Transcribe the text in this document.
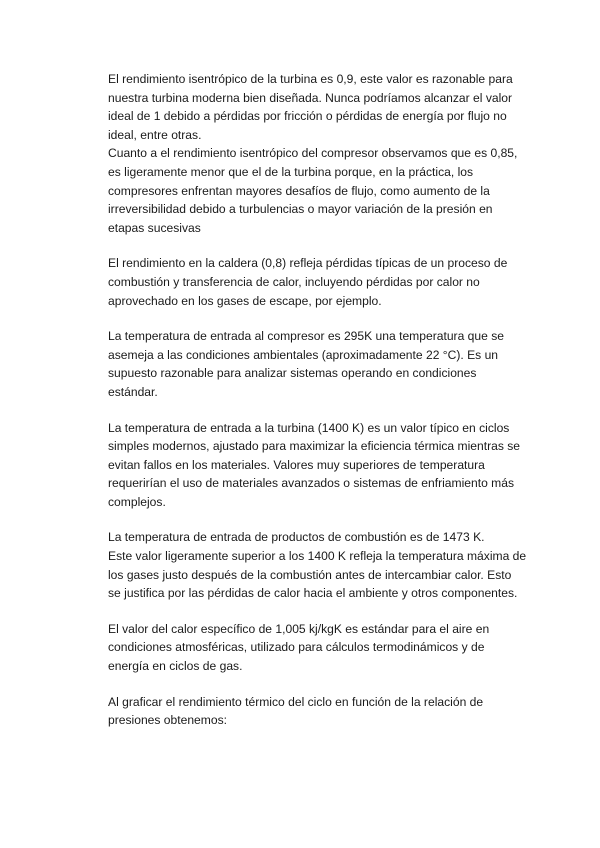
El rendimiento isentrópico de la turbina es 0,9, este valor es razonable para
nuestra turbina moderna bien diseñada. Nunca podríamos alcanzar el valor
ideal de 1 debido a pérdidas por fricción o pérdidas de energía por flujo no
ideal, entre otras.

Cuanto a el rendimiento isentrópico del compresor observamos que es 0,85,
es ligeramente menor que el de la turbina porque, en la práctica, los
compresores enfrentan mayores desafíos de flujo, como aumento de la
irreversibilidad debido a turbulencias o mayor variación de la presión en
etapas sucesivas

El rendimiento en la caldera (0,8) refleja pérdidas típicas de un proceso de
combustión y transferencia de calor, incluyendo pérdidas por calor no
aprovechado en los gases de escape, por ejemplo.

La temperatura de entrada al compresor es 295K una temperatura que se
asemeja a las condiciones ambientales (aproximadamente 22 °C). Es un
supuesto razonable para analizar sistemas operando en condiciones
estándar.

La temperatura de entrada a la turbina (1400 K) es un valor típico en ciclos
simples modernos, ajustado para maximizar la eficiencia térmica mientras se
evitan fallos en los materiales. Valores muy superiores de temperatura
requerirían el uso de materiales avanzados o sistemas de enfriamiento más
complejos.

La temperatura de entrada de productos de combustión es de 1473 K.
Este valor ligeramente superior a los 1400 K refleja la temperatura máxima de
los gases justo después de la combustión antes de intercambiar calor. Esto
se justifica por las pérdidas de calor hacia el ambiente y otros componentes.

El valor del calor específico de 1,005 kj/kgK es estándar para el aire en
condiciones atmosféricas, utilizado para cálculos termodinámicos y de
energía en ciclos de gas.

Al graficar el rendimiento térmico del ciclo en función de la relación de
presiones obtenemos:
